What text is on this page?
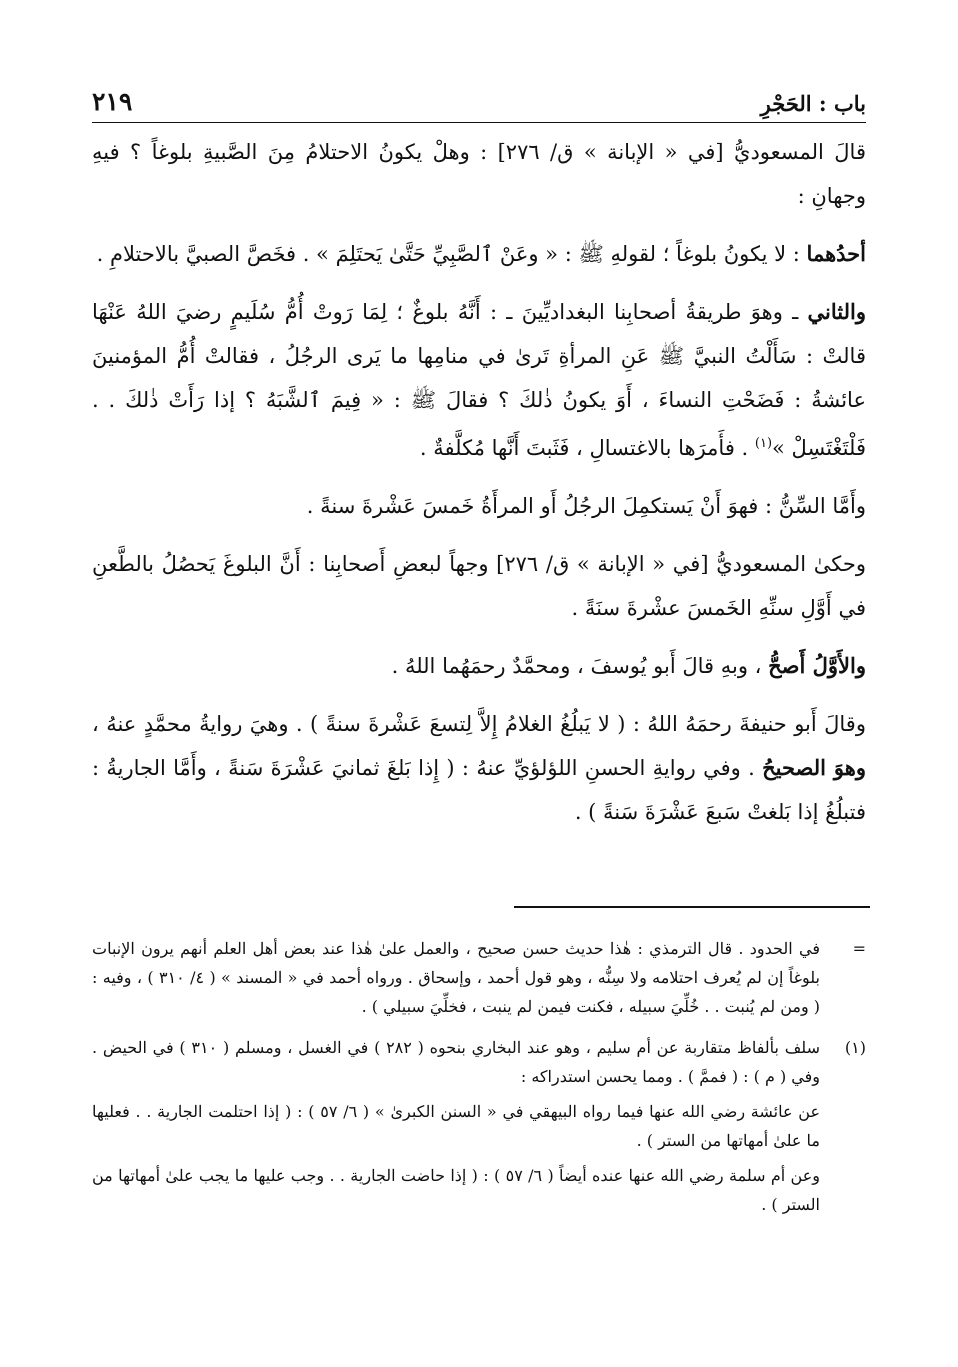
٢١٩	باب : الحَجْرِ

قالَ المسعوديُّ [في « الإبانة » ق/ ٢٧٦] : وهلْ يكونُ الاحتلامُ مِنَ الصَّبيةِ بلوغاً ؟ فيهِ وجهانِ :

أحدُهما : لا يكونُ بلوغاً ؛ لقولهِ ﷺ : « وعَنْ ٱلصَّبِيِّ حَتَّىٰ يَحتَلِمَ » . فخَصَّ الصبيَّ بالاحتلامِ .

والثاني ـ وهوَ طريقةُ أصحابِنا البغداديِّينَ ـ : أَنَّهُ بلوغٌ ؛ لِمَا رَوتْ أُمُّ سُلَيمٍ رضيَ اللهُ عَنْهَا قالتْ : سَأَلْتُ النبيَّ ﷺ عَنِ المرأةِ تَرىٰ في منامِها ما يَرى الرجُلُ ، فقالتْ أُمُّ المؤمنينَ عائشةُ : فَضَحْتِ النساءَ ، أَوَ يكونُ ذٰلكَ ؟ فقالَ ﷺ : « فِيمَ ٱلشَّبَهُ ؟ إذا رَأَتْ ذٰلكَ . . فَلْتَغْتَسِلْ »$^{(١)}$ . فأَمرَها بالاغتسالِ ، فَثَبتَ أَنَّها مُكلَّفةٌ .

وأَمَّا السِّنُّ : فهوَ أَنْ يَستكمِلَ الرجُلُ أَو المرأَةُ خَمسَ عَشْرةَ سنةً .

وحكىٰ المسعوديُّ [في « الإبانة » ق/ ٢٧٦] وجهاً لبعضِ أَصحابِنا : أَنَّ البلوغَ يَحصُلُ بالطَّعنِ في أَوَّلِ سنِّهِ الخَمسَ عشْرةَ سنَةً .

والأَوَّلُ أَصحُّ ، وبهِ قالَ أَبو يُوسفَ ، ومحمَّدٌ رحمَهُما اللهُ .

وقالَ أَبو حنيفةَ رحمَهُ اللهُ : ( لا يَبلُغُ الغلامُ إِلاَّ لِتسعَ عَشْرةَ سنةً ) . وهيَ روايةُ محمَّدٍ عنهُ ، وهوَ الصحيحُ . وفي روايةِ الحسنِ اللؤلؤيِّ عنهُ : ( إِذا بَلغَ ثمانيَ عَشْرَةَ سَنةً ، وأَمَّا الجاريةُ : فتبلُغُ إذا بَلغتْ سَبعَ عَشْرَةَ سَنةً ) .

=

في الحدود . قال الترمذي : هٰذا حديث حسن صحيح ، والعمل علىٰ هٰذا عند بعض أهل العلم أنهم يرون الإنبات بلوغاً إن لم يُعرف احتلامه ولا سِنُّه ، وهو قول أحمد ، وإسحاق . ورواه أحمد في « المسند » ( ٤/ ٣١٠ ) ، وفيه : ( ومن لم يُنبت . . خُلِّيَ سبيله ، فكنت فيمن لم ينبت ، فخلِّيَ سبيلي ) .

(١)

سلف بألفاظ متقاربة عن أم سليم ، وهو عند البخاري بنحوه ( ٢٨٢ ) في الغسل ، ومسلم ( ٣١٠ ) في الحيض . وفي ( م ) : ( فممَّ ) . ومما يحسن استدراكه :

عن عائشة رضي الله عنها فيما رواه البيهقي في « السنن الكبرىٰ » ( ٦/ ٥٧ ) : ( إذا احتلمت الجارية . . فعليها ما علىٰ أمهاتها من الستر ) .

وعن أم سلمة رضي الله عنها عنده أيضاً ( ٦/ ٥٧ ) : ( إذا حاضت الجارية . . وجب عليها ما يجب علىٰ أمهاتها من الستر ) .
